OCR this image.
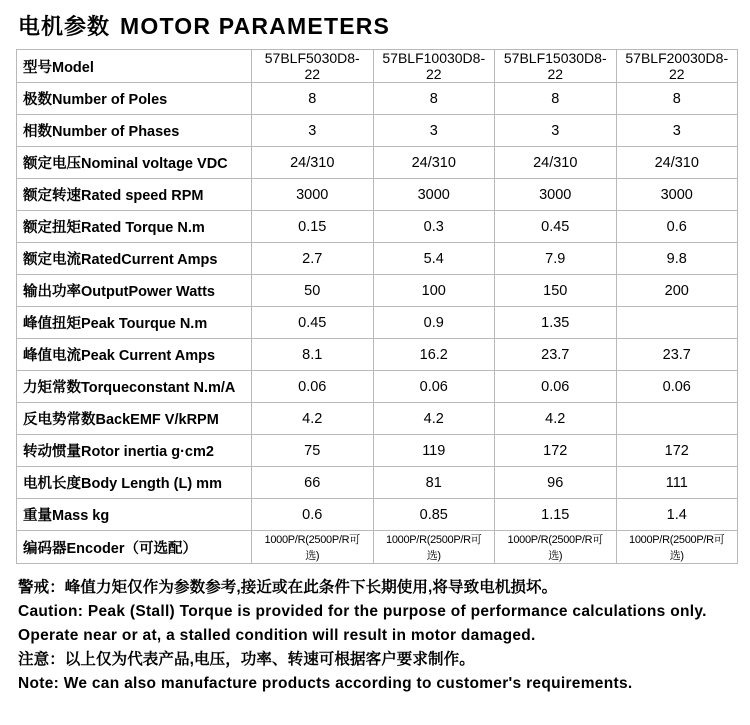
电机参数 MOTOR PARAMETERS
型号Model	57BLF5030D8-22	57BLF10030D8-22	57BLF15030D8-22	57BLF20030D8-22
极数Number of Poles	8	8	8	8
相数Number of Phases	3	3	3	3
额定电压Nominal voltage VDC	24/310	24/310	24/310	24/310
额定转速Rated speed RPM	3000	3000	3000	3000
额定扭矩Rated Torque N.m	0.15	0.3	0.45	0.6
额定电流RatedCurrent Amps	2.7	5.4	7.9	9.8
输出功率OutputPower Watts	50	100	150	200
峰值扭矩Peak Tourque N.m	0.45	0.9	1.35	
峰值电流Peak Current Amps	8.1	16.2	23.7	23.7
力矩常数Torqueconstant N.m/A	0.06	0.06	0.06	0.06
反电势常数BackEMF V/kRPM	4.2	4.2	4.2	
转动惯量Rotor inertia g·cm2	75	119	172	172
电机长度Body Length (L) mm	66	81	96	111
重量Mass kg	0.6	0.85	1.15	1.4
编码器Encoder（可选配）	1000P/R(2500P/R可选)	1000P/R(2500P/R可选)	1000P/R(2500P/R可选)	1000P/R(2500P/R可选)

警戒：峰值力矩仅作为参数参考,接近或在此条件下长期使用,将导致电机损坏。

Caution: Peak (Stall) Torque is provided for the purpose of performance calculations only.

Operate near or at, a stalled condition will result in motor damaged.

注意：以上仅为代表产品,电压，功率、转速可根据客户要求制作。

Note: We can also manufacture products according to customer's requirements.
